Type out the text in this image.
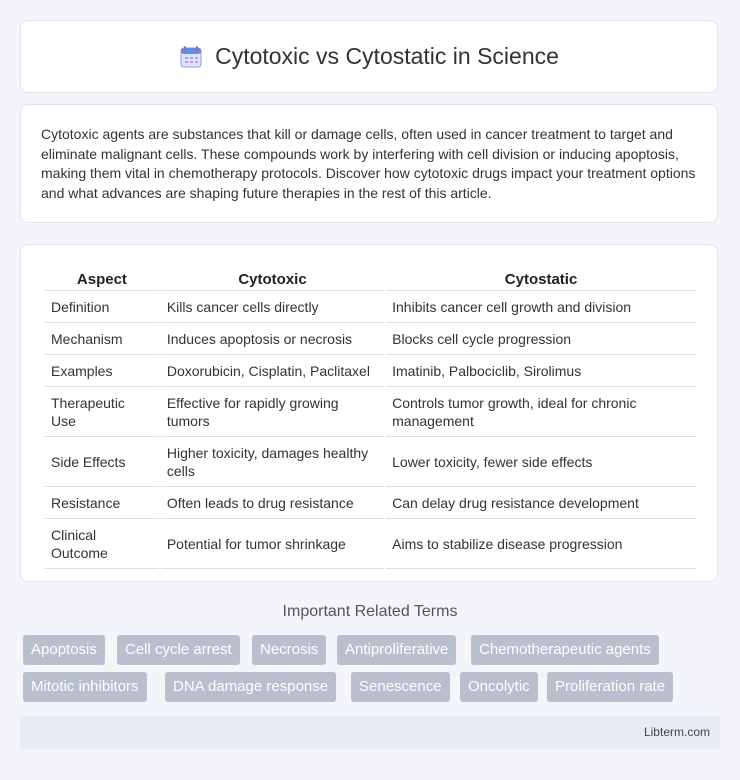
Cytotoxic vs Cytostatic in Science

Cytotoxic agents are substances that kill or damage cells, often used in cancer treatment to target and eliminate malignant cells. These compounds work by interfering with cell division or inducing apoptosis, making them vital in chemotherapy protocols. Discover how cytotoxic drugs impact your treatment options and what advances are shaping future therapies in the rest of this article.

Aspect	Cytotoxic	Cytostatic
Definition	Kills cancer cells directly	Inhibits cancer cell growth and division
Mechanism	Induces apoptosis or necrosis	Blocks cell cycle progression
Examples	Doxorubicin, Cisplatin, Paclitaxel	Imatinib, Palbociclib, Sirolimus
Therapeutic Use	Effective for rapidly growing tumors	Controls tumor growth, ideal for chronic management
Side Effects	Higher toxicity, damages healthy cells	Lower toxicity, fewer side effects
Resistance	Often leads to drug resistance	Can delay drug resistance development
Clinical Outcome	Potential for tumor shrinkage	Aims to stabilize disease progression
Important Related Terms
Apoptosis	Cell cycle arrest	Necrosis	Antiproliferative	Chemotherapeutic agents
Mitotic inhibitors	DNA damage response	Senescence	Oncolytic	Proliferation rate
Libterm.com
